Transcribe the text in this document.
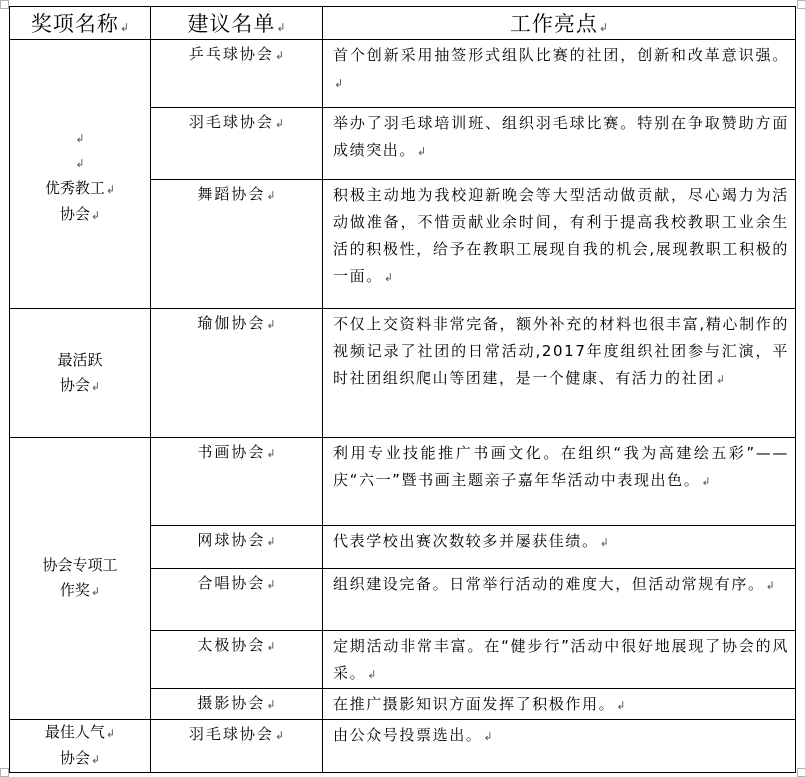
奖项名称↲	建议名单↲	工作亮点↲

↲
↲
优秀教工↲
协会↲	乒乓球协会↲	首个创新采用抽签形式组队比赛的社团，创新和改革意识强。↲
	羽毛球协会↲	举办了羽毛球培训班、组织羽毛球比赛。特别在争取赞助方面成绩突出。↲
	舞蹈协会↲	积极主动地为我校迎新晚会等大型活动做贡献，尽心竭力为活动做准备，不惜贡献业余时间，有利于提高我校教职工业余生活的积极性，给予在教职工展现自我的机会,展现教职工积极的一面。↲
最活跃
协会↲	瑜伽协会↲	不仅上交资料非常完备，额外补充的材料也很丰富,精心制作的视频记录了社团的日常活动,2017年度组织社团参与汇演，平时社团组织爬山等团建，是一个健康、有活力的社团↲
协会专项工
作奖↲	书画协会↲	利用专业技能推广书画文化。在组织“我为高建绘五彩”——庆“六一”暨书画主题亲子嘉年华活动中表现出色。↲
	网球协会↲	代表学校出赛次数较多并屡获佳绩。↲
	合唱协会↲	组织建设完备。日常举行活动的难度大，但活动常规有序。↲
	太极协会↲	定期活动非常丰富。在“健步行”活动中很好地展现了协会的风采。↲
	摄影协会↲	在推广摄影知识方面发挥了积极作用。↲
最佳人气↲
协会↲	羽毛球协会↲	由公众号投票选出。↲
